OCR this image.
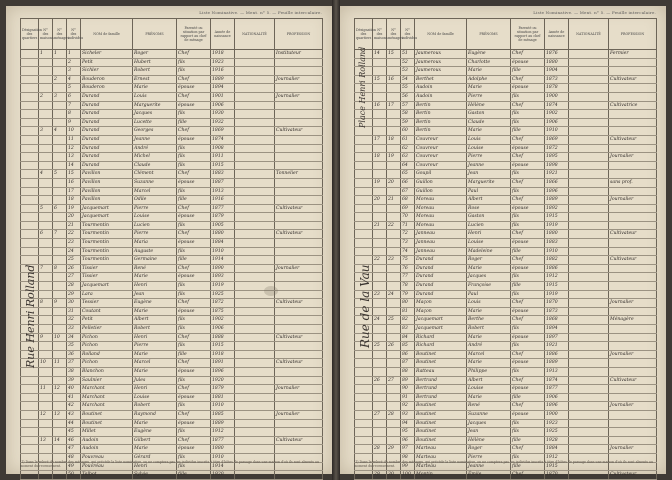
Liste Nominative. — Ment. n° 5. — Feuille intercalaire.
Désignation des quartiers	N° des maisons	N° des ménages	N° des individus	NOM de famille	PRÉNOMS	Parenté ou situation par rapport au chef de ménage	Année de naissance	NATIONALITÉ	PROFESSION
	1	1	1	Sicheler	Roger	Chef	1918		Instituteur
			2	Petit	Hubert	fils	1923		
			3	Sichler	Robert	fils	1916		
		2	4	Bouderon	Ernest	Chef	1889		Journalier
			5	Bouderon	Marie	épouse	1894		
	2	3	6	Durand	Louis	Chef	1901		Journalier
			7	Durand	Marguerite	épouse	1906		
			8	Durand	Jacques	fils	1930		
			9	Durand	Lucette	fille	1932		
	3	4	10	Durand	Georges	Chef	1869		Cultivateur
			11	Durand	Jeanne	épouse	1874		
			12	Durand	André	fils	1908		
			13	Durand	Michel	fils	1911		
			14	Durand	Claude	fils	1915		
	4	5	15	Pavillon	Clément	Chef	1883		Tonnelier
			16	Pavillon	Suzanne	épouse	1887		
			17	Pavillon	Marcel	fils	1913		
			18	Pavillon	Odile	fille	1916		
	5	6	19	Jacquemart	Pierre	Chef	1877		Cultivateur
			20	Jacquemart	Louise	épouse	1879		
			21	Tourmentin	Lucien	fils	1905		
	6	7	22	Tourmentin	Pierre	Chef	1880		Cultivateur
			23	Tourmentin	Maria	épouse	1884		
			24	Tourmentin	Auguste	fils	1910		
			25	Tourmentin	Germaine	fille	1914		
	7	8	26	Tissier	René	Chef	1890		Journalier
			27	Tissier	Marie	épouse	1893		
			28	Jacquemart	Henri	fils	1919		
			29	Lara	Jean	fils	1925		
	8	9	30	Tessier	Eugène	Chef	1872		Cultivateur
			31	Coutant	Marie	épouse	1875		
			32	Petit	Albert	fils	1902		
			33	Pelletier	Robert	fils	1906		
	9	10	34	Pichon	Henri	Chef	1888		Cultivateur
			35	Pichon	Pierre	fils	1915		
			36	Rolland	Marie	fille	1918		
	10	11	37	Pichon	Marcel	Chef	1891		Cultivateur
			38	Blanchon	Marie	épouse	1896		
			39	Saulnier	Jules	fils	1920		
	11	12	40	Marchant	Henri	Chef	1879		Journalier
			41	Marchant	Louise	épouse	1881		
			42	Marchant	Robert	fils	1910		
	12	13	43	Boutinet	Raymond	Chef	1885		Journalier
			44	Boutinet	Marie	épouse	1889		
			45	Millet	Eugène	fils	1912		
	13	14	46	Audoin	Gilbert	Chef	1877		Cultivateur
			47	Audoin	Marie	épouse	1880		
			48	Pouvreau	Gérard	fils	1910		
			49	Pouvreau	Henri	fils	1914		
			50	Talbot	Sylvie	fille	1920		
Rue Henri Rolland
(1) Dans le relevé du nombre des ménages, qui précède la liste nominative, on ne comptera pas les individus inscrits à titre d'hôtes de passage dans une maison d'où ils sont absents au moment du recensement.
Liste Nominative. — Ment. n° 5. — Feuille intercalaire.
Désignation des quartiers	N° des maisons	N° des ménages	N° des individus	NOM de famille	PRÉNOMS	Parenté ou situation par rapport au chef de ménage	Année de naissance	NATIONALITÉ	PROFESSION
	14	15	51	Jaumeroux	Eugène	Chef	1876		Fermier
			52	Jaumeroux	Charlotte	épouse	1880		
			53	Jaumeroux	Marie	fille	1904		
	15	16	54	Berthet	Adolphe	Chef	1873		Cultivateur
			55	Audoin	Marie	épouse	1878		
			56	Audoin	Pierre	fils	1900		
	16	17	57	Bertin	Hélène	Chef	1874		Cultivatrice
			58	Bertin	Gaston	fils	1902		
			59	Bertin	Claude	fils	1906		
			60	Bertin	Marie	fille	1910		
	17	18	61	Couvreur	Louis	Chef	1869		Cultivateur
			62	Couvreur	Louise	épouse	1872		
	18	19	63	Couvreur	Pierre	Chef	1895		Journalier
			64	Couvreur	Jeanne	épouse	1898		
			65	Goupil	Jean	fils	1921		
	19	20	66	Guillon	Marguerite	Chef	1866		sans prof.
			67	Guillon	Paul	fils	1896		
	20	21	68	Moreau	Albert	Chef	1889		Journalier
			69	Moreau	Rose	épouse	1892		
			70	Moreau	Gaston	fils	1915		
	21	22	71	Moreau	Lucien	fils	1919		
			72	Janneau	Henri	Chef	1880		Cultivateur
			73	Janneau	Louise	épouse	1883		
			74	Janneau	Madeleine	fille	1910		
	22	23	75	Durand	Roger	Chef	1882		Cultivateur
			76	Durand	Marie	épouse	1886		
			77	Durand	Jacques	fils	1912		
			78	Durand	Françoise	fille	1915		
	23	24	79	Durand	Paul	fils	1919		
			80	Maçon	Louis	Chef	1870		Journalier
			81	Maçon	Marie	épouse	1873		
	24	25	82	Jacquemart	Berthe	Chef	1868		Ménagère
			83	Jacquemart	Robert	fils	1894		
			84	Richard	Marie	épouse	1897		
	25	26	85	Richard	André	fils	1921		
			86	Boutinet	Marcel	Chef	1886		Journalier
			87	Boutinet	Marie	épouse	1889		
			88	Ratteau	Philippe	fils	1913		
	26	27	89	Bertrand	Albert	Chef	1874		Cultivateur
			90	Bertrand	Louise	épouse	1877		
			91	Bertrand	Marie	fille	1906		
			92	Boutinet	René	Chef	1896		Journalier
	27	28	93	Boutinet	Suzanne	épouse	1900		
			94	Boutinet	Jacques	fils	1923		
			95	Boutinet	Jean	fils	1925		
			96	Boutinet	Hélène	fille	1928		
	28	29	97	Marteau	Roger	Chef	1884		Journalier
			98	Marteau	Pierre	fils	1912		
			99	Marteau	Jeanne	fille	1915		
	29	30	100	Montin	Émile	Chef	1870		Cultivateur
Place Henri Rolland
Rue de la Vau
(1) Dans le relevé du nombre des ménages, qui précède la liste nominative, on ne comptera pas les individus inscrits à titre d'hôtes de passage dans une maison d'où ils sont absents au moment du recensement.
